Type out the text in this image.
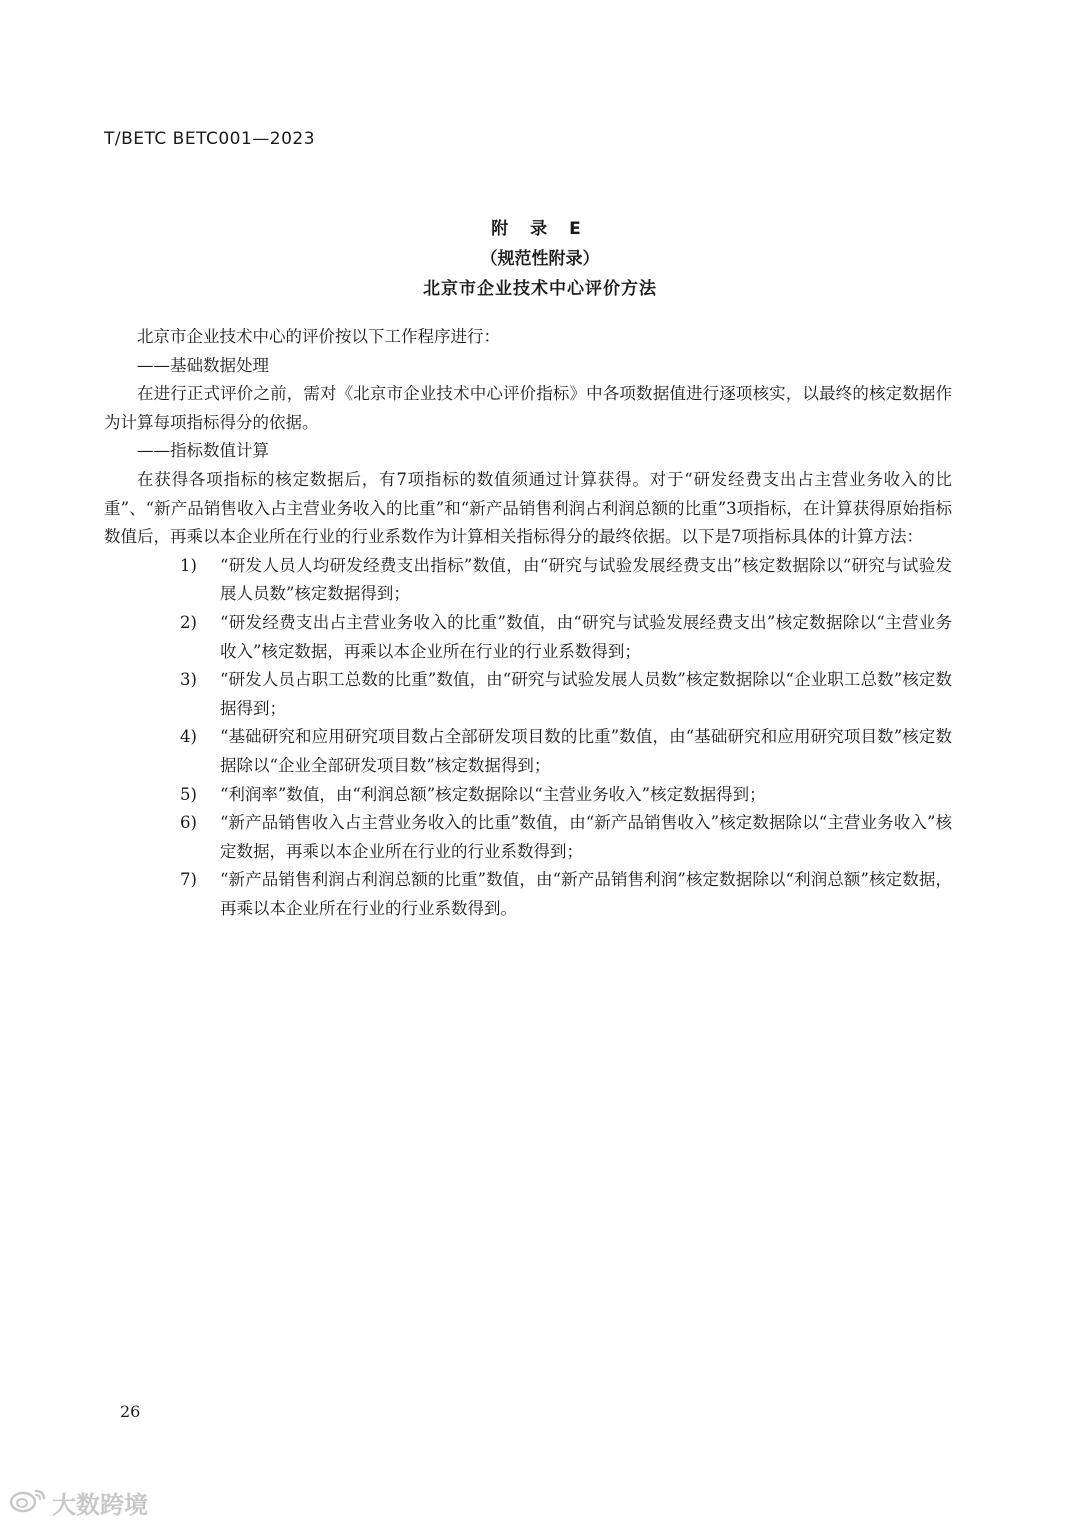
T/BETC BETC001—2023
附 录 E
（规范性附录）
北京市企业技术中心评价方法

北京市企业技术中心的评价按以下工作程序进行：

——基础数据处理

在进行正式评价之前，需对《北京市企业技术中心评价指标》中各项数据值进行逐项核实，以最终的核定数据作为计算每项指标得分的依据。

——指标数值计算

在获得各项指标的核定数据后，有7项指标的数值须通过计算获得。对于“研发经费支出占主营业务收入的比重”、“新产品销售收入占主营业务收入的比重”和“新产品销售利润占利润总额的比重”3项指标，在计算获得原始指标数值后，再乘以本企业所在行业的行业系数作为计算相关指标得分的最终依据。以下是7项指标具体的计算方法：

1) “研发人员人均研发经费支出指标”数值，由“研究与试验发展经费支出”核定数据除以“研究与试验发展人员数”核定数据得到；
2) “研发经费支出占主营业务收入的比重”数值，由“研究与试验发展经费支出”核定数据除以“主营业务收入”核定数据，再乘以本企业所在行业的行业系数得到；
3) “研发人员占职工总数的比重”数值，由“研究与试验发展人员数”核定数据除以“企业职工总数”核定数据得到；
4) “基础研究和应用研究项目数占全部研发项目数的比重”数值，由“基础研究和应用研究项目数”核定数据除以“企业全部研发项目数”核定数据得到；
5) “利润率”数值，由“利润总额”核定数据除以“主营业务收入”核定数据得到；
6) “新产品销售收入占主营业务收入的比重”数值，由“新产品销售收入”核定数据除以“主营业务收入”核定数据，再乘以本企业所在行业的行业系数得到；
7) “新产品销售利润占利润总额的比重”数值，由“新产品销售利润”核定数据除以“利润总额”核定数据，再乘以本企业所在行业的行业系数得到。
26
大数跨境
